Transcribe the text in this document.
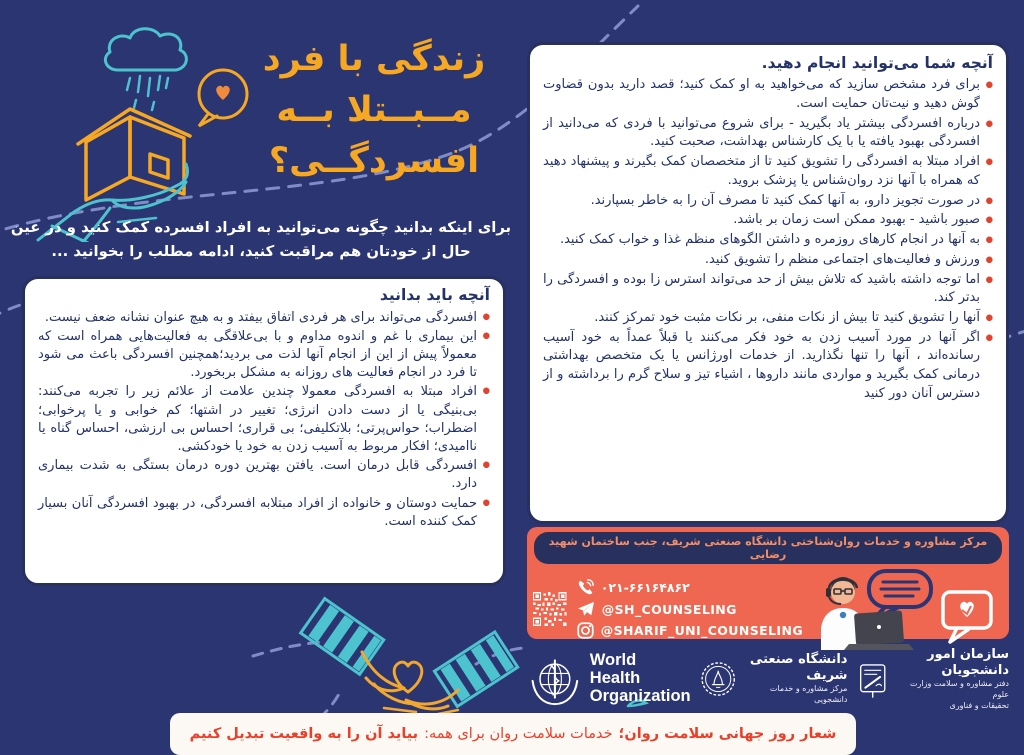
زندگی با فرد
مــبــتلا بــه
افسردگــی؟
آنچه شما می‌توانید انجام دهید.
● برای فرد مشخص سازید که می‌خواهید به او کمک کنید؛ قصد دارید بدون قضاوت گوش دهید و نیت‌تان حمایت است.
● درباره افسردگی بیشتر یاد بگیرید - برای شروع می‌توانید با فردی که می‌دانید از افسردگی بهبود یافته یا با یک کارشناس بهداشت، صحبت کنید.
● افراد مبتلا به افسردگی را تشویق کنید تا از متخصصان کمک بگیرند و پیشنهاد دهید که همراه با آنها نزد روان‌شناس یا پزشک بروید.
● در صورت تجویز دارو، به آنها کمک کنید تا مصرف آن را به خاطر بسپارند.
● صبور باشید - بهبود ممکن است زمان بر باشد.
● به آنها در انجام کارهای روزمره و داشتن الگوهای منظم غذا و خواب کمک کنید.
● ورزش و فعالیت‌های اجتماعی منظم را تشویق کنید.
● اما توجه داشته باشید که تلاش بیش از حد می‌تواند استرس زا بوده و افسردگی را بدتر کند.
● آنها را تشویق کنید تا بیش از نکات منفی، بر نکات مثبت خود تمرکز کنند.
● اگر آنها در مورد آسیب زدن به خود فکر می‌کنند یا قبلاً عمداً به خود آسیب رسانده‌اند ، آنها را تنها نگذارید. از خدمات اورژانس یا یک متخصص بهداشتی درمانی کمک بگیرید و مواردی مانند داروها ، اشیاء تیز و سلاح گرم را برداشته و از دسترس آنان دور کنید
برای اینکه بدانید چگونه می‌توانید به افراد افسرده کمک کنید و در عین حال از خودتان هم مراقبت کنید، ادامه مطلب را بخوانید ...
آنچه باید بدانید
● افسردگی می‌تواند برای هر فردی اتفاق بیفتد و به هیچ عنوان نشانه ضعف نیست.
● این بیماری با غم و اندوه مداوم و با بی‌علاقگی به فعالیت‌هایی همراه است که معمولاً پیش از این از انجام آنها لذت می بردید؛همچنین افسردگی باعث می شود تا فرد در انجام فعالیت های روزانه به مشکل بربخورد.
● افراد مبتلا به افسردگی معمولا چندین علامت از علائم زیر را تجربه می‌کنند: بی‌بنیگی یا از دست دادن انرژی؛ تغییر در اشتها؛ کم خوابی و یا پرخوابی؛ اضطراب؛ حواس‌پرتی؛ بلاتکلیفی؛ بی قراری؛ احساس بی ارزشی، احساس گناه یا ناامیدی؛ افکار مربوط به آسیب زدن به خود یا خودکشی.
● افسردگی قابل درمان است. یافتن بهترین دوره درمان بستگی به شدت بیماری دارد.
● حمایت دوستان و خانواده از افراد مبتلابه افسردگی، در بهبود افسردگی آنان بسیار کمک کننده است.
مرکز مشاوره و خدمات روان‌شناختی دانشگاه صنعتی شریف، جنب ساختمان شهید رضایی
۰۲۱-۶۶۱۶۴۸۶۲
@SH_COUNSELING
@SHARIF_UNI_COUNSELING
World Health
Organization
دانشگاه صنعتی شریف
مرکز مشاوره و خدمات دانشجویی
سازمان امور دانشجویان
دفتر مشاوره و سلامت وزارت علوم
تحقیقات و فناوری
شعار روز جهانی سلامت روان؛
خدمات سلامت روان برای همه:
بیاید آن را به واقعیت تبدیل کنیم
